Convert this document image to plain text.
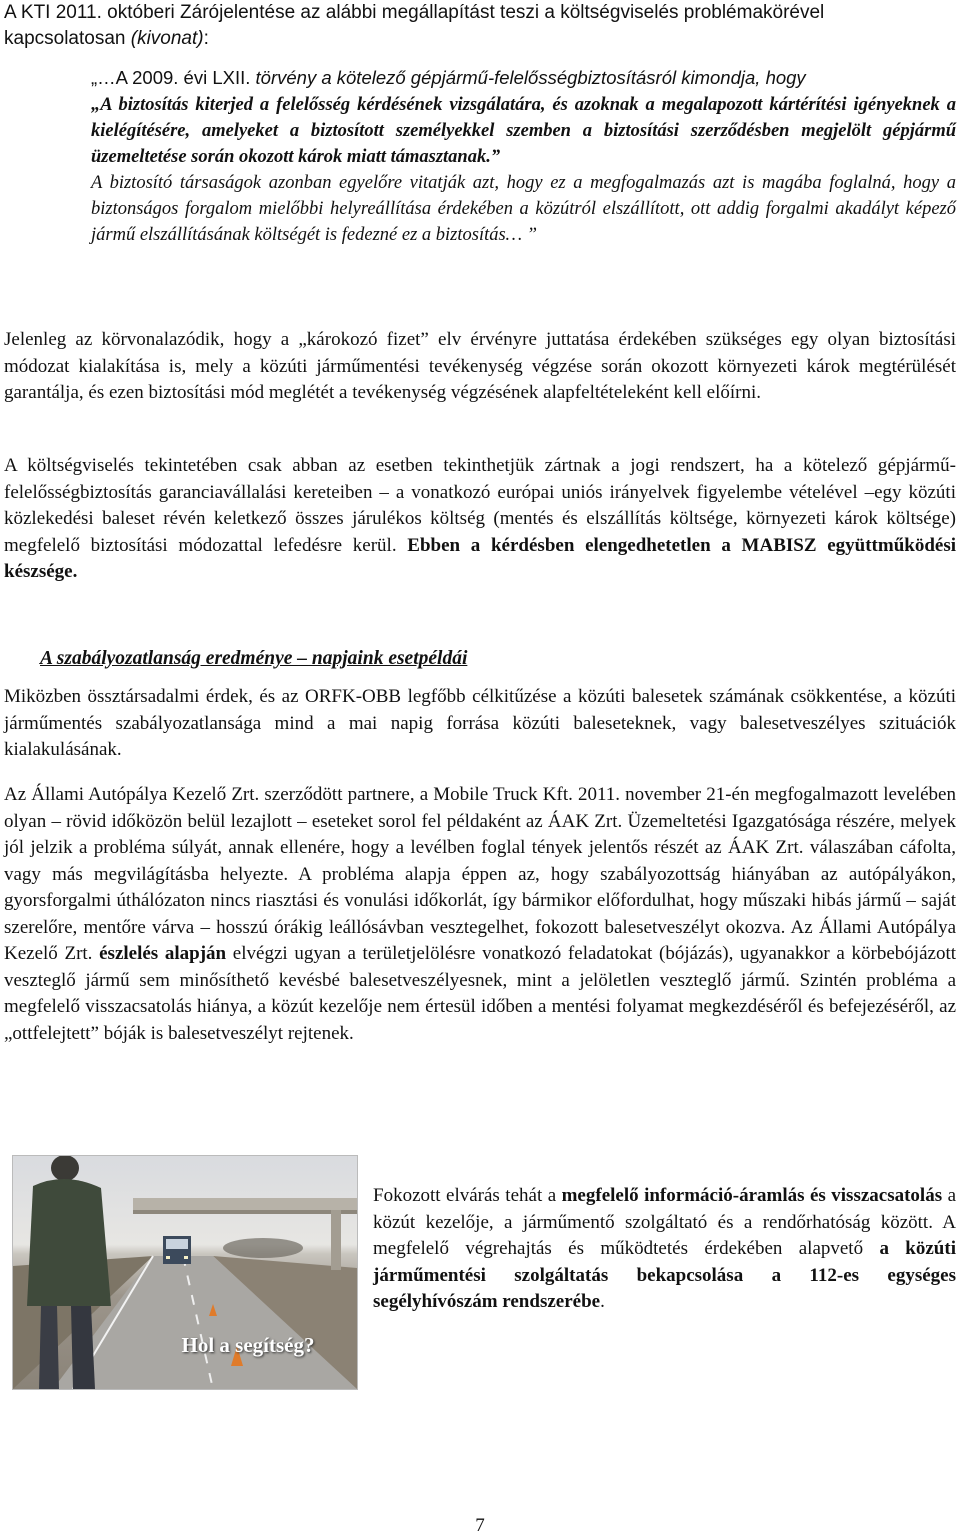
A KTI 2011. októberi Zárójelentése az alábbi megállapítást teszi a költségviselés problémakörével
kapcsolatosan (kivonat):

„…A 2009. évi LXII. törvény a kötelező gépjármű-felelősségbiztosításról kimondja, hogy
„A biztosítás kiterjed a felelősség kérdésének vizsgálatára, és azoknak a megalapozott kártérítési igényeknek a kielégítésére, amelyeket a biztosított személyekkel szemben a biztosítási szerződésben megjelölt gépjármű üzemeltetése során okozott károk miatt támasztanak.”

A biztosító társaságok azonban egyelőre vitatják azt, hogy ez a megfogalmazás azt is magába foglalná, hogy a biztonságos forgalom mielőbbi helyreállítása érdekében a közútról elszállított, ott addig forgalmi akadályt képező jármű elszállításának költségét is fedezné ez a biztosítás… ”

Jelenleg az körvonalazódik, hogy a „károkozó fizet” elv érvényre juttatása érdekében szükséges egy olyan biztosítási módozat kialakítása is, mely a közúti járműmentési tevékenység végzése során okozott környezeti károk megtérülését garantálja, és ezen biztosítási mód meglétét a tevékenység végzésének alapfeltételeként kell előírni.

A költségviselés tekintetében csak abban az esetben tekinthetjük zártnak a jogi rendszert, ha a kötelező gépjármű-felelősségbiztosítás garanciavállalási kereteiben – a vonatkozó európai uniós irányelvek figyelembe vételével –egy közúti közlekedési baleset révén keletkező összes járulékos költség (mentés és elszállítás költsége, környezeti károk költsége) megfelelő biztosítási módozattal lefedésre kerül. Ebben a kérdésben elengedhetetlen a MABISZ együttműködési készsége.

A szabályozatlanság eredménye – napjaink esetpéldái

Miközben össztársadalmi érdek, és az ORFK-OBB legfőbb célkitűzése a közúti balesetek számának csökkentése, a közúti járműmentés szabályozatlansága mind a mai napig forrása közúti baleseteknek, vagy balesetveszélyes szituációk kialakulásának.

Az Állami Autópálya Kezelő Zrt. szerződött partnere, a Mobile Truck Kft. 2011. november 21-én megfogalmazott levelében olyan – rövid időközön belül lezajlott – eseteket sorol fel példaként az ÁAK Zrt. Üzemeltetési Igazgatósága részére, melyek jól jelzik a probléma súlyát, annak ellenére, hogy a levélben foglal tények jelentős részét az ÁAK Zrt. válaszában cáfolta, vagy más megvilágításba helyezte. A probléma alapja éppen az, hogy szabályozottság hiányában az autópályákon, gyorsforgalmi úthálózaton nincs riasztási és vonulási időkorlát, így bármikor előfordulhat, hogy műszaki hibás jármű – saját szerelőre, mentőre várva – hosszú órákig leállósávban vesztegelhet, fokozott balesetveszélyt okozva. Az Állami Autópálya Kezelő Zrt. észlelés alapján elvégzi ugyan a területjelölésre vonatkozó feladatokat (bójázás), ugyanakkor a körbebójázott veszteglő jármű sem minősíthető kevésbé balesetveszélyesnek, mint a jelöletlen veszteglő jármű. Szintén probléma a megfelelő visszacsatolás hiánya, a közút kezelője nem értesül időben a mentési folyamat megkezdéséről és befejezéséről, az „ottfelejtett” bóják is balesetveszélyt rejtenek.

Hol a segítség?

Fokozott elvárás tehát a megfelelő információ-áramlás és visszacsatolás a közút kezelője, a járműmentő szolgáltató és a rendőrhatóság között. A megfelelő végrehajtás és működtetés érdekében alapvető a közúti járműmentési szolgáltatás bekapcsolása a 112-es egységes segélyhívószám rendszerébe.

7
